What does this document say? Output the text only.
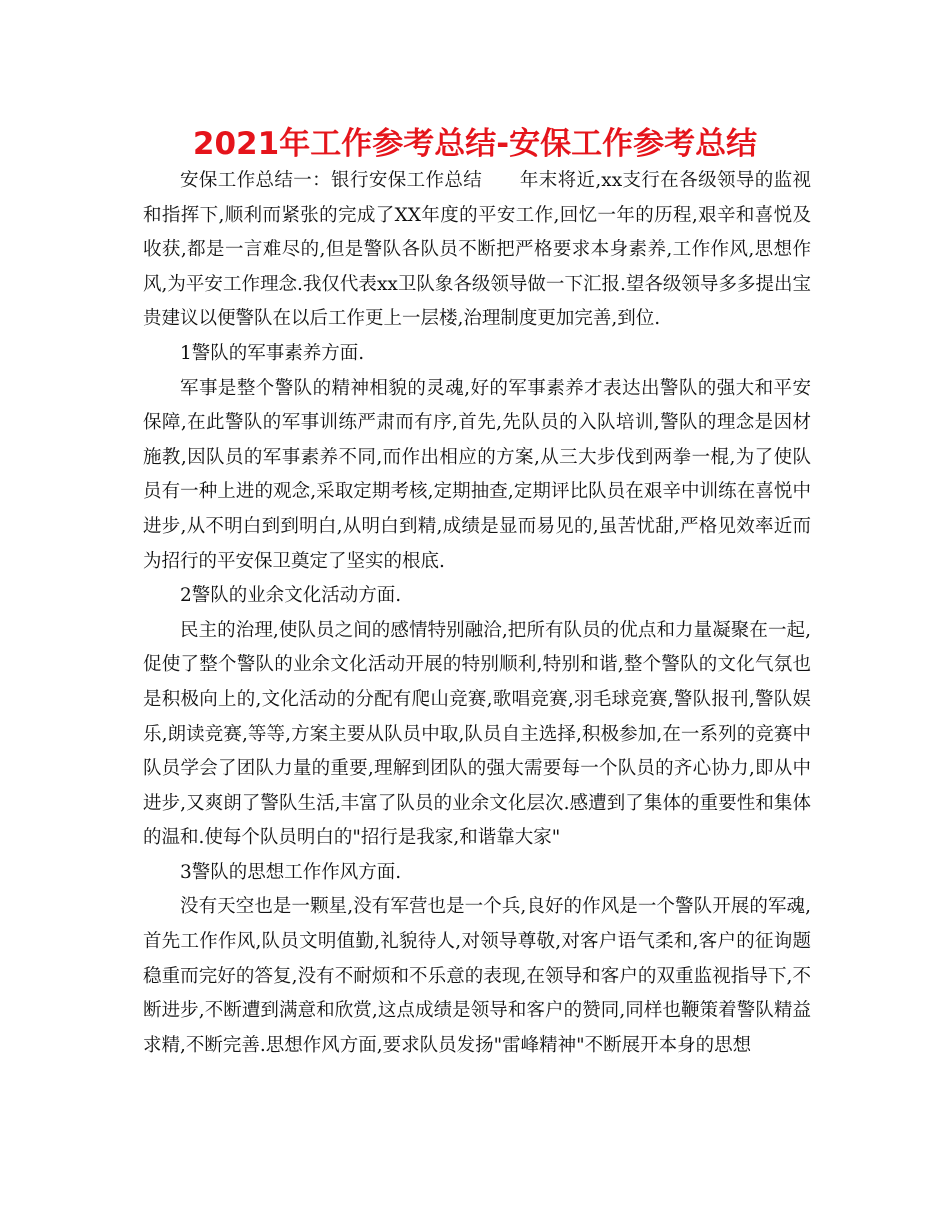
2021年工作参考总结-安保工作参考总结

安保工作总结一：银行安保工作总结　　年末将近,xx支行在各级领导的监视和指挥下,顺利而紧张的完成了XX年度的平安工作,回忆一年的历程,艰辛和喜悦及收获,都是一言难尽的,但是警队各队员不断把严格要求本身素养,工作作风,思想作风,为平安工作理念.我仅代表xx卫队象各级领导做一下汇报.望各级领导多多提出宝贵建议以便警队在以后工作更上一层楼,治理制度更加完善,到位.

1警队的军事素养方面.

军事是整个警队的精神相貌的灵魂,好的军事素养才表达出警队的强大和平安保障,在此警队的军事训练严肃而有序,首先,先队员的入队培训,警队的理念是因材施教,因队员的军事素养不同,而作出相应的方案,从三大步伐到两拳一棍,为了使队员有一种上进的观念,采取定期考核,定期抽查,定期评比队员在艰辛中训练在喜悦中进步,从不明白到到明白,从明白到精,成绩是显而易见的,虽苦忧甜,严格见效率近而为招行的平安保卫奠定了坚实的根底.

2警队的业余文化活动方面.

民主的治理,使队员之间的感情特别融洽,把所有队员的优点和力量凝聚在一起,促使了整个警队的业余文化活动开展的特别顺利,特别和谐,整个警队的文化气氛也是积极向上的,文化活动的分配有爬山竞赛,歌唱竞赛,羽毛球竞赛,警队报刊,警队娱乐,朗读竞赛,等等,方案主要从队员中取,队员自主选择,积极参加,在一系列的竞赛中队员学会了团队力量的重要,理解到团队的强大需要每一个队员的齐心协力,即从中进步,又爽朗了警队生活,丰富了队员的业余文化层次.感遭到了集体的重要性和集体的温和.使每个队员明白的"招行是我家,和谐靠大家"

3警队的思想工作作风方面.

没有天空也是一颗星,没有军营也是一个兵,良好的作风是一个警队开展的军魂,首先工作作风,队员文明值勤,礼貌待人,对领导尊敬,对客户语气柔和,客户的征询题稳重而完好的答复,没有不耐烦和不乐意的表现,在领导和客户的双重监视指导下,不断进步,不断遭到满意和欣赏,这点成绩是领导和客户的赞同,同样也鞭策着警队精益求精,不断完善.思想作风方面,要求队员发扬"雷峰精神"不断展开本身的思想
